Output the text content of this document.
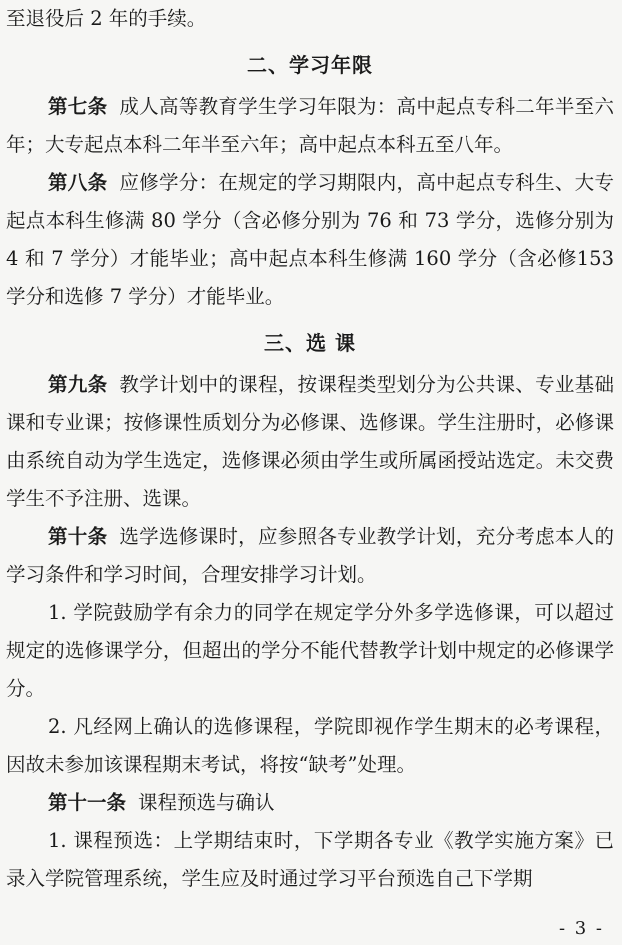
至退役后 2 年的手续。

二、学习年限

第七条 成人高等教育学生学习年限为：高中起点专科二年半至六年；大专起点本科二年半至六年；高中起点本科五至八年。

第八条 应修学分：在规定的学习期限内，高中起点专科生、大专起点本科生修满 80 学分（含必修分别为 76 和 73 学分，选修分别为 4 和 7 学分）才能毕业；高中起点本科生修满 160 学分（含必修153 学分和选修 7 学分）才能毕业。

三、选 课

第九条 教学计划中的课程，按课程类型划分为公共课、专业基础课和专业课；按修课性质划分为必修课、选修课。学生注册时，必修课由系统自动为学生选定，选修课必须由学生或所属函授站选定。未交费学生不予注册、选课。

第十条 选学选修课时，应参照各专业教学计划，充分考虑本人的学习条件和学习时间，合理安排学习计划。

1. 学院鼓励学有余力的同学在规定学分外多学选修课，可以超过规定的选修课学分，但超出的学分不能代替教学计划中规定的必修课学分。

2. 凡经网上确认的选修课程，学院即视作学生期末的必考课程，因故未参加该课程期末考试，将按“缺考”处理。

第十一条 课程预选与确认

1. 课程预选：上学期结束时，下学期各专业《教学实施方案》已录入学院管理系统，学生应及时通过学习平台预选自己下学期

- 3 -
